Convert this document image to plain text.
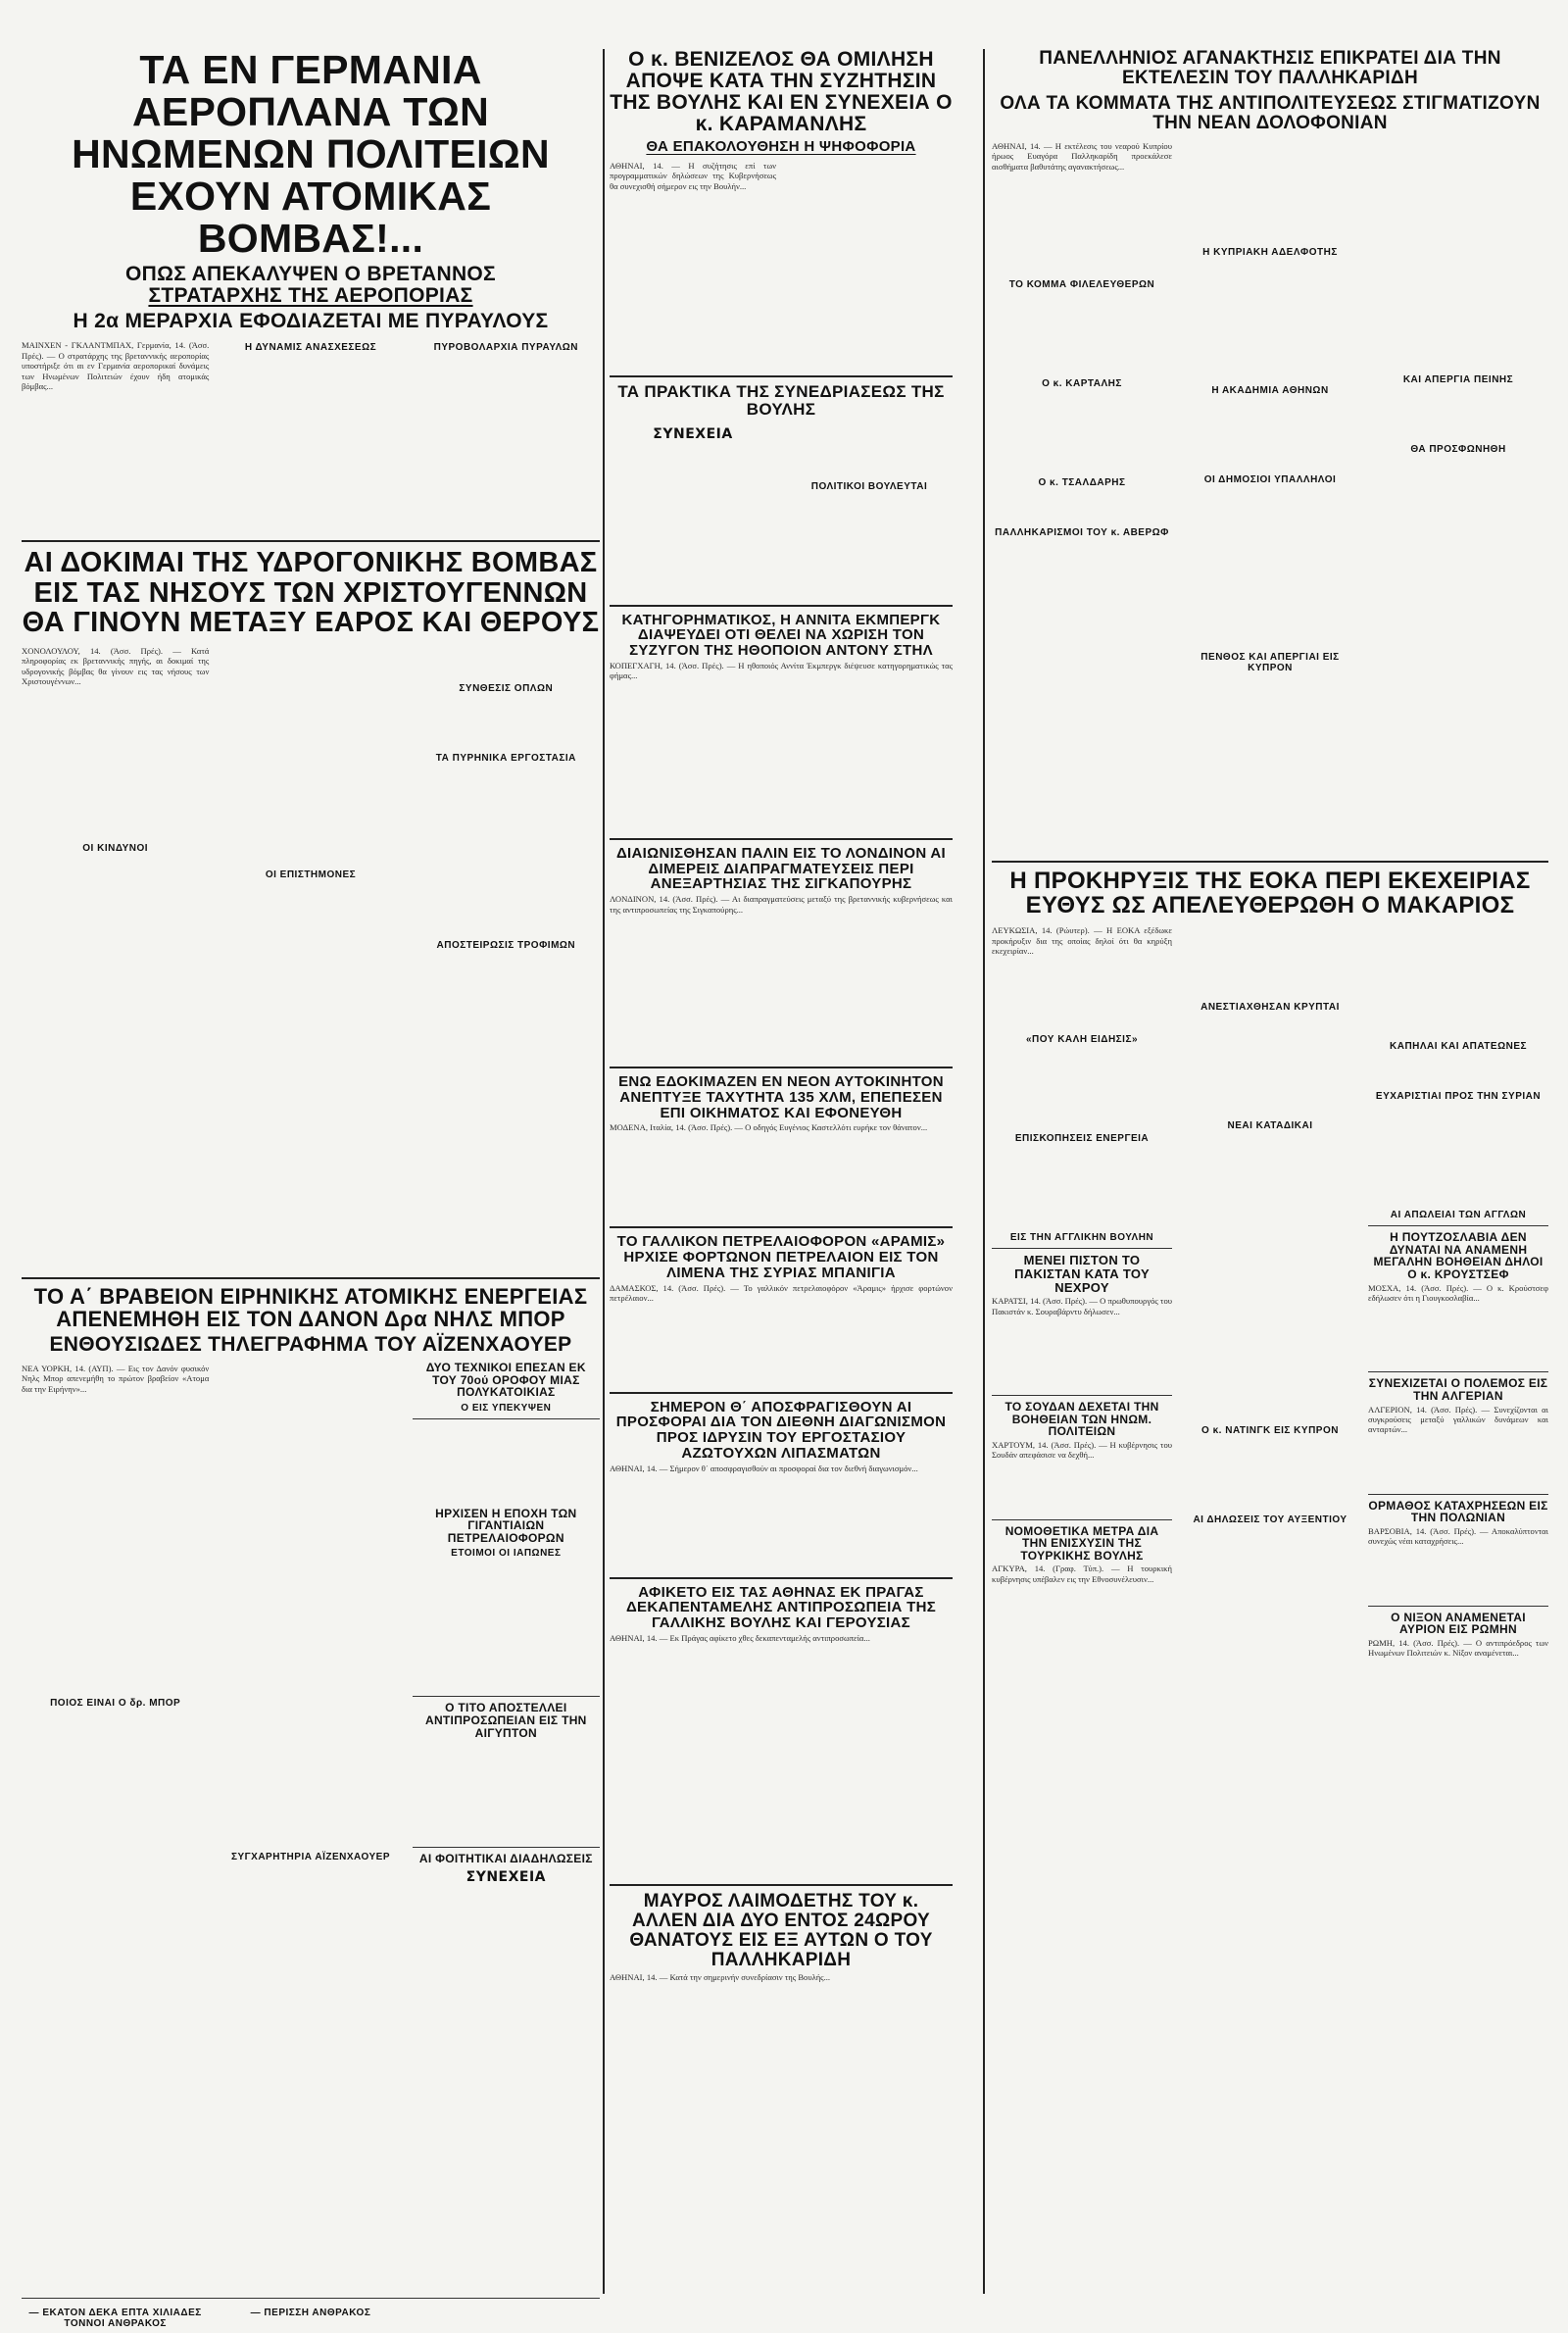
ΤΑ ΕΝ ΓΕΡΜΑΝΙΑ ΑΕΡΟΠΛΑΝΑ ΤΩΝ ΗΝΩΜΕΝΩΝ ΠΟΛΙΤΕΙΩΝ ΕΧΟΥΝ ΑΤΟΜΙΚΑΣ ΒΟΜΒΑΣ!...
ΟΠΩΣ ΑΠΕΚΑΛΥΨΕΝ Ο ΒΡΕΤΑΝΝΟΣ
ΣΤΡΑΤΑΡΧΗΣ ΤΗΣ ΑΕΡΟΠΟΡΙΑΣ
Η 2α ΜΕΡΑΡΧΙΑ ΕΦΟΔΙΑΖΕΤΑΙ ΜΕ ΠΥΡΑΥΛΟΥΣ

ΜΑΙΝΧΕΝ - ΓΚΛΑΝΤΜΠΑΧ, Γερμανία, 14. (Άσσ. Πρές). — Ο στρατάρχης της βρεταννικής αεροπορίας υποστήριξε ότι αι εν Γερμανία αεροπορικαί δυνάμεις των Ηνωμένων Πολιτειών έχουν ήδη ατομικάς βόμβας...

Η ΔΥΝΑΜΙΣ ΑΝΑΣΧΕΣΕΩΣ	ΠΥΡΟΒΟΛΑΡΧΙΑ ΠΥΡΑΥΛΩΝ
ΑΙ ΔΟΚΙΜΑΙ ΤΗΣ ΥΔΡΟΓΟΝΙΚΗΣ ΒΟΜΒΑΣ ΕΙΣ ΤΑΣ ΝΗΣΟΥΣ ΤΩΝ ΧΡΙΣΤΟΥΓΕΝΝΩΝ ΘΑ ΓΙΝΟΥΝ ΜΕΤΑΞΥ ΕΑΡΟΣ ΚΑΙ ΘΕΡΟΥΣ

ΧΟΝΟΛΟΥΛΟΥ, 14. (Άσσ. Πρές). — Κατά πληροφορίας εκ βρεταννικής πηγής, αι δοκιμαί της υδρογονικής βόμβας θα γίνουν εις τας νήσους των Χριστουγέννων...

ΟΙ ΚΙΝΔΥΝΟΙ
ΟΙ ΕΠΙΣΤΗΜΟΝΕΣ
ΣΥΝΘΕΣΙΣ ΟΠΛΩΝ
ΤΑ ΠΥΡΗΝΙΚΑ ΕΡΓΟΣΤΑΣΙΑ
ΑΠΟΣΤΕΙΡΩΣΙΣ ΤΡΟΦΙΜΩΝ
ΤΟ Α΄ ΒΡΑΒΕΙΟΝ ΕΙΡΗΝΙΚΗΣ ΑΤΟΜΙΚΗΣ ΕΝΕΡΓΕΙΑΣ ΑΠΕΝΕΜΗΘΗ ΕΙΣ ΤΟΝ ΔΑΝΟΝ Δρα ΝΗΛΣ ΜΠΟΡ
ΕΝΘΟΥΣΙΩΔΕΣ ΤΗΛΕΓΡΑΦΗΜΑ ΤΟΥ ΑΪΖΕΝΧΑΟΥΕΡ

ΝΕΑ ΥΟΡΚΗ, 14. (ΑΥΠ). — Εις τον Δανόν φυσικόν Νηλς Μπορ απενεμήθη το πρώτον βραβείον «Ατομα δια την Ειρήνην»...

ΠΟΙΟΣ ΕΙΝΑΙ Ο δρ. ΜΠΟΡ
ΣΥΓΧΑΡΗΤΗΡΙΑ ΑΪΖΕΝΧΑΟΥΕΡ
ΔΥΟ ΤΕΧΝΙΚΟΙ ΕΠΕΣΑΝ ΕΚ ΤΟΥ 70ού ΟΡΟΦΟΥ ΜΙΑΣ ΠΟΛΥΚΑΤΟΙΚΙΑΣ
Ο ΕΙΣ ΥΠΕΚΥΨΕΝ
ΗΡΧΙΣΕΝ Η ΕΠΟΧΗ ΤΩΝ ΓΙΓΑΝΤΙΑΙΩΝ ΠΕΤΡΕΛΑΙΟΦΟΡΩΝ
ΕΤΟΙΜΟΙ ΟΙ ΙΑΠΩΝΕΣ
Ο ΤΙΤΟ ΑΠΟΣΤΕΛΛΕΙ ΑΝΤΙΠΡΟΣΩΠΕΙΑΝ ΕΙΣ ΤΗΝ ΑΙΓΥΠΤΟΝ
ΑΙ ΦΟΙΤΗΤΙΚΑΙ ΔΙΑΔΗΛΩΣΕΙΣ
ΣΥΝΕΧΕΙΑ
— ΕΚΑΤΟΝ ΔΕΚΑ ΕΠΤΑ ΧΙΛΙΑΔΕΣ ΤΟΝΝΟΙ ΑΝΘΡΑΚΟΣ
— ΠΕΡΙΣΣΗ ΑΝΘΡΑΚΟΣ
Ο κ. ΒΕΝΙΖΕΛΟΣ ΘΑ ΟΜΙΛΗΣΗ ΑΠΟΨΕ ΚΑΤΑ ΤΗΝ ΣΥΖΗΤΗΣΙΝ ΤΗΣ ΒΟΥΛΗΣ ΚΑΙ ΕΝ ΣΥΝΕΧΕΙΑ Ο κ. ΚΑΡΑΜΑΝΛΗΣ
ΘΑ ΕΠΑΚΟΛΟΥΘΗΣΗ Η ΨΗΦΟΦΟΡΙΑ

ΑΘΗΝΑΙ, 14. — Η συζήτησις επί των προγραμματικών δηλώσεων της Κυβερνήσεως θα συνεχισθή σήμερον εις την Βουλήν...

ΤΑ ΠΡΑΚΤΙΚΑ ΤΗΣ ΣΥΝΕΔΡΙΑΣΕΩΣ ΤΗΣ ΒΟΥΛΗΣ
ΣΥΝΕΧΕΙΑ
ΠΟΛΙΤΙΚΟΙ ΒΟΥΛΕΥΤΑΙ
ΚΑΤΗΓΟΡΗΜΑΤΙΚΟΣ, Η ΑΝΝΙΤΑ ΕΚΜΠΕΡΓΚ ΔΙΑΨΕΥΔΕΙ ΟΤΙ ΘΕΛΕΙ ΝΑ ΧΩΡΙΣΗ ΤΟΝ ΣΥΖΥΓΟΝ ΤΗΣ ΗΘΟΠΟΙΟΝ ΑΝΤΟΝΥ ΣΤΗΛ

ΚΟΠΕΓΧΑΓΗ, 14. (Άσσ. Πρές). — Η ηθοποιός Αννίτα Έκμπεργκ διέψευσε κατηγορηματικώς τας φήμας...

ΔΙΑΙΩΝΙΣΘΗΣΑΝ ΠΑΛΙΝ ΕΙΣ ΤΟ ΛΟΝΔΙΝΟΝ ΑΙ ΔΙΜΕΡΕΙΣ ΔΙΑΠΡΑΓΜΑΤΕΥΣΕΙΣ ΠΕΡΙ ΑΝΕΞΑΡΤΗΣΙΑΣ ΤΗΣ ΣΙΓΚΑΠΟΥΡΗΣ

ΛΟΝΔΙΝΟΝ, 14. (Άσσ. Πρές). — Αι διαπραγματεύσεις μεταξύ της βρεταννικής κυβερνήσεως και της αντιπροσωπείας της Σιγκαπούρης...

ΕΝΩ ΕΔΟΚΙΜΑΖΕΝ ΕΝ ΝΕΟΝ ΑΥΤΟΚΙΝΗΤΟΝ ΑΝΕΠΤΥΞΕ ΤΑΧΥΤΗΤΑ 135 ΧΛΜ, ΕΠΕΠΕΣΕΝ ΕΠΙ ΟΙΚΗΜΑΤΟΣ ΚΑΙ ΕΦΟΝΕΥΘΗ

ΜΟΔΕΝΑ, Ιταλία, 14. (Άσσ. Πρές). — Ο οδηγός Ευγένιος Καστελλότι ευρήκε τον θάνατον...

ΤΟ ΓΑΛΛΙΚΟΝ ΠΕΤΡΕΛΑΙΟΦΟΡΟΝ «ΑΡΑΜΙΣ» ΗΡΧΙΣΕ ΦΟΡΤΩΝΟΝ ΠΕΤΡΕΛΑΙΟΝ ΕΙΣ ΤΟΝ ΛΙΜΕΝΑ ΤΗΣ ΣΥΡΙΑΣ ΜΠΑΝΙΓΙΑ

ΔΑΜΑΣΚΟΣ, 14. (Άσσ. Πρές). — Το γαλλικόν πετρελαιοφόρον «Άραμις» ήρχισε φορτώνον πετρέλαιον...

ΣΗΜΕΡΟΝ Θ΄ ΑΠΟΣΦΡΑΓΙΣΘΟΥΝ ΑΙ ΠΡΟΣΦΟΡΑΙ ΔΙΑ ΤΟΝ ΔΙΕΘΝΗ ΔΙΑΓΩΝΙΣΜΟΝ ΠΡΟΣ ΙΔΡΥΣΙΝ ΤΟΥ ΕΡΓΟΣΤΑΣΙΟΥ ΑΖΩΤΟΥΧΩΝ ΛΙΠΑΣΜΑΤΩΝ

ΑΘΗΝΑΙ, 14. — Σήμερον θ΄ αποσφραγισθούν αι προσφοραί δια τον διεθνή διαγωνισμόν...

ΑΦΙΚΕΤΟ ΕΙΣ ΤΑΣ ΑΘΗΝΑΣ ΕΚ ΠΡΑΓΑΣ ΔΕΚΑΠΕΝΤΑΜΕΛΗΣ ΑΝΤΙΠΡΟΣΩΠΕΙΑ ΤΗΣ ΓΑΛΛΙΚΗΣ ΒΟΥΛΗΣ ΚΑΙ ΓΕΡΟΥΣΙΑΣ

ΑΘΗΝΑΙ, 14. — Εκ Πράγας αφίκετο χθες δεκαπενταμελής αντιπροσωπεία...

ΜΑΥΡΟΣ ΛΑΙΜΟΔΕΤΗΣ ΤΟΥ κ. ΑΛΛΕΝ ΔΙΑ ΔΥΟ ΕΝΤΟΣ 24ΩΡΟΥ ΘΑΝΑΤΟΥΣ ΕΙΣ ΕΞ ΑΥΤΩΝ Ο ΤΟΥ ΠΑΛΛΗΚΑΡΙΔΗ

ΑΘΗΝΑΙ, 14. — Κατά την σημερινήν συνεδρίασιν της Βουλής...

ΠΑΝΕΛΛΗΝΙΟΣ ΑΓΑΝΑΚΤΗΣΙΣ ΕΠΙΚΡΑΤΕΙ ΔΙΑ ΤΗΝ ΕΚΤΕΛΕΣΙΝ ΤΟΥ ΠΑΛΛΗΚΑΡΙΔΗ
ΟΛΑ ΤΑ ΚΟΜΜΑΤΑ ΤΗΣ ΑΝΤΙΠΟΛΙΤΕΥΣΕΩΣ ΣΤΙΓΜΑΤΙΖΟΥΝ ΤΗΝ ΝΕΑΝ ΔΟΛΟΦΟΝΙΑΝ

ΑΘΗΝΑΙ, 14. — Η εκτέλεσις του νεαρού Κυπρίου ήρωος Ευαγόρα Παλληκαρίδη προεκάλεσε αισθήματα βαθυτάτης αγανακτήσεως...

ΤΟ ΚΟΜΜΑ ΦΙΛΕΛΕΥΘΕΡΩΝ
Ο κ. ΚΑΡΤΑΛΗΣ
Ο κ. ΤΣΑΛΔΑΡΗΣ
ΠΑΛΛΗΚΑΡΙΣΜΟΙ ΤΟΥ κ. ΑΒΕΡΩΦ
Η ΚΥΠΡΙΑΚΗ ΑΔΕΛΦΟΤΗΣ
Η ΑΚΑΔΗΜΙΑ ΑΘΗΝΩΝ
ΟΙ ΔΗΜΟΣΙΟΙ ΥΠΑΛΛΗΛΟΙ
ΠΕΝΘΟΣ ΚΑΙ ΑΠΕΡΓΙΑΙ ΕΙΣ ΚΥΠΡΟΝ
ΚΑΙ ΑΠΕΡΓΙΑ ΠΕΙΝΗΣ
ΘΑ ΠΡΟΣΦΩΝΗΘΗ
Η ΠΡΟΚΗΡΥΞΙΣ ΤΗΣ ΕΟΚΑ ΠΕΡΙ ΕΚΕΧΕΙΡΙΑΣ ΕΥΘΥΣ ΩΣ ΑΠΕΛΕΥΘΕΡΩΘΗ Ο ΜΑΚΑΡΙΟΣ

ΛΕΥΚΩΣΙΑ, 14. (Ρώυτερ). — Η ΕΟΚΑ εξέδωκε προκήρυξιν δια της οποίας δηλοί ότι θα κηρύξη εκεχειρίαν...

«ΠΟΥ ΚΑΛΗ ΕΙΔΗΣΙΣ»
ΕΠΙΣΚΟΠΗΣΕΙΣ ΕΝΕΡΓΕΙΑ
ΕΙΣ ΤΗΝ ΑΓΓΛΙΚΗΝ ΒΟΥΛΗΝ
ΜΕΝΕΙ ΠΙΣΤΟΝ ΤΟ ΠΑΚΙΣΤΑΝ ΚΑΤΑ ΤΟΥ ΝΕΧΡΟΥ

ΚΑΡΑΤΣΙ, 14. (Άσσ. Πρές). — Ο πρωθυπουργός του Πακιστάν κ. Σουραβάρντυ δήλωσεν...

ΤΟ ΣΟΥΔΑΝ ΔΕΧΕΤΑΙ ΤΗΝ ΒΟΗΘΕΙΑΝ ΤΩΝ ΗΝΩΜ. ΠΟΛΙΤΕΙΩΝ

ΧΑΡΤΟΥΜ, 14. (Άσσ. Πρές). — Η κυβέρνησις του Σουδάν απεφάσισε να δεχθή...

ΝΟΜΟΘΕΤΙΚΑ ΜΕΤΡΑ ΔΙΑ ΤΗΝ ΕΝΙΣΧΥΣΙΝ ΤΗΣ ΤΟΥΡΚΙΚΗΣ ΒΟΥΛΗΣ

ΑΓΚΥΡΑ, 14. (Γραφ. Τύπ.). — Η τουρκική κυβέρνησις υπέβαλεν εις την Εθνοσυνέλευσιν...

ΑΝΕΣΤΙΑΧΘΗΣΑΝ ΚΡΥΠΤΑΙ
ΝΕΑΙ ΚΑΤΑΔΙΚΑΙ
Ο κ. ΝΑΤΙΝΓΚ ΕΙΣ ΚΥΠΡΟΝ
ΑΙ ΔΗΛΩΣΕΙΣ ΤΟΥ ΑΥΞΕΝΤΙΟΥ
ΚΑΠΗΛΑΙ ΚΑΙ ΑΠΑΤΕΩΝΕΣ
ΕΥΧΑΡΙΣΤΙΑΙ ΠΡΟΣ ΤΗΝ ΣΥΡΙΑΝ
ΑΙ ΑΠΩΛΕΙΑΙ ΤΩΝ ΑΓΓΛΩΝ
Η ΠΟΥΤΖΟΣΛΑΒΙΑ ΔΕΝ ΔΥΝΑΤΑΙ ΝΑ ΑΝΑΜΕΝΗ ΜΕΓΑΛΗΝ ΒΟΗΘΕΙΑΝ ΔΗΛΟΙ Ο κ. ΚΡΟΥΣΤΣΕΦ

ΜΟΣΧΑ, 14. (Άσσ. Πρές). — Ο κ. Κρούστσεφ εδήλωσεν ότι η Γιουγκοσλαβία...

ΣΥΝΕΧΙΖΕΤΑΙ Ο ΠΟΛΕΜΟΣ ΕΙΣ ΤΗΝ ΑΛΓΕΡΙΑΝ

ΑΛΓΕΡΙΟΝ, 14. (Άσσ. Πρές). — Συνεχίζονται αι συγκρούσεις μεταξύ γαλλικών δυνάμεων και ανταρτών...

ΟΡΜΑΘΟΣ ΚΑΤΑΧΡΗΣΕΩΝ ΕΙΣ ΤΗΝ ΠΟΛΩΝΙΑΝ

ΒΑΡΣΟΒΙΑ, 14. (Άσσ. Πρές). — Αποκαλύπτονται συνεχώς νέαι καταχρήσεις...

Ο ΝΙΞΟΝ ΑΝΑΜΕΝΕΤΑΙ ΑΥΡΙΟΝ ΕΙΣ ΡΩΜΗΝ

ΡΩΜΗ, 14. (Άσσ. Πρές). — Ο αντιπρόεδρος των Ηνωμένων Πολιτειών κ. Νίξον αναμένεται...
